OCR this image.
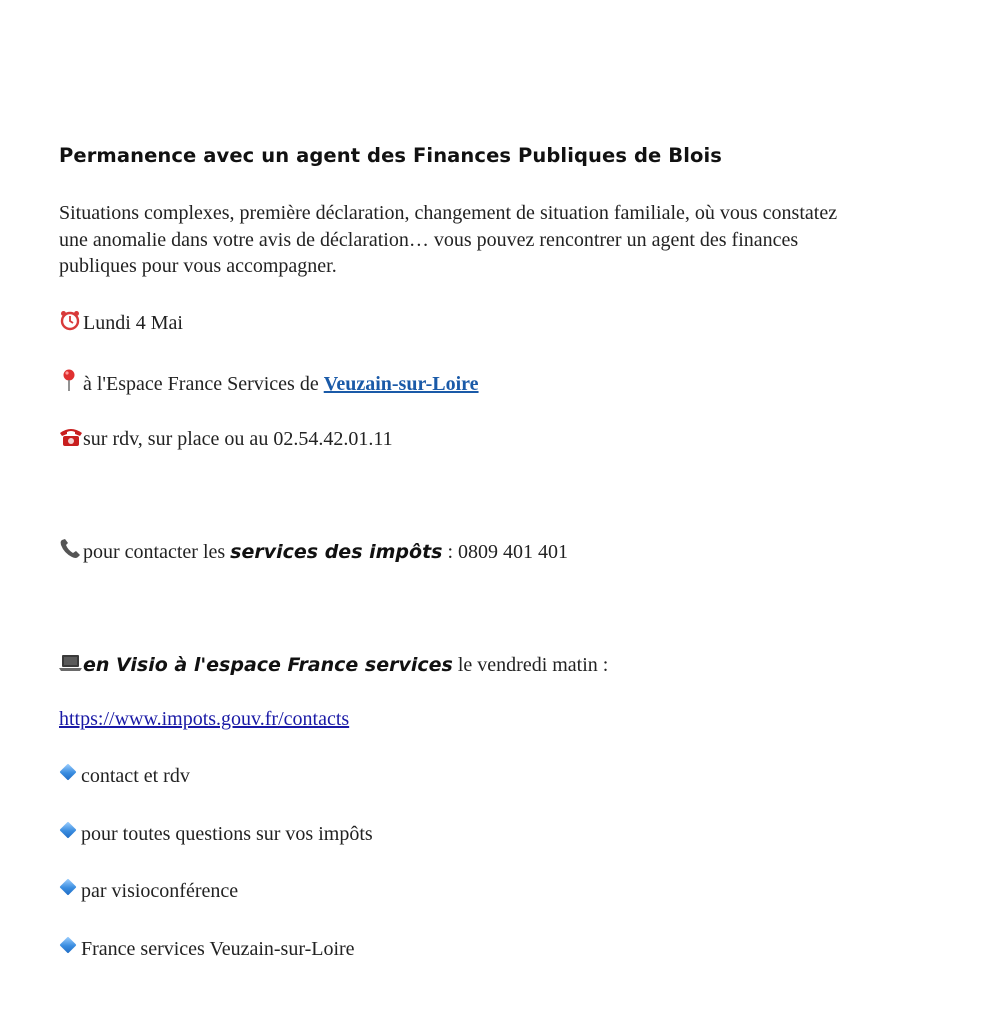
Permanence avec un agent des Finances Publiques de Blois
Situations complexes, première déclaration, changement de situation familiale, où vous constatez
une anomalie dans votre avis de déclaration… vous pouvez rencontrer un agent des finances
publiques pour vous accompagner.
Lundi 4 Mai
à l'Espace France Services de Veuzain-sur-Loire
sur rdv, sur place ou au 02.54.42.01.11
pour contacter les services des impôts : 0809 401 401
en Visio à l'espace France services le vendredi matin :
https://www.impots.gouv.fr/contacts
contact et rdv
pour toutes questions sur vos impôts
par visioconférence
France services Veuzain-sur-Loire
